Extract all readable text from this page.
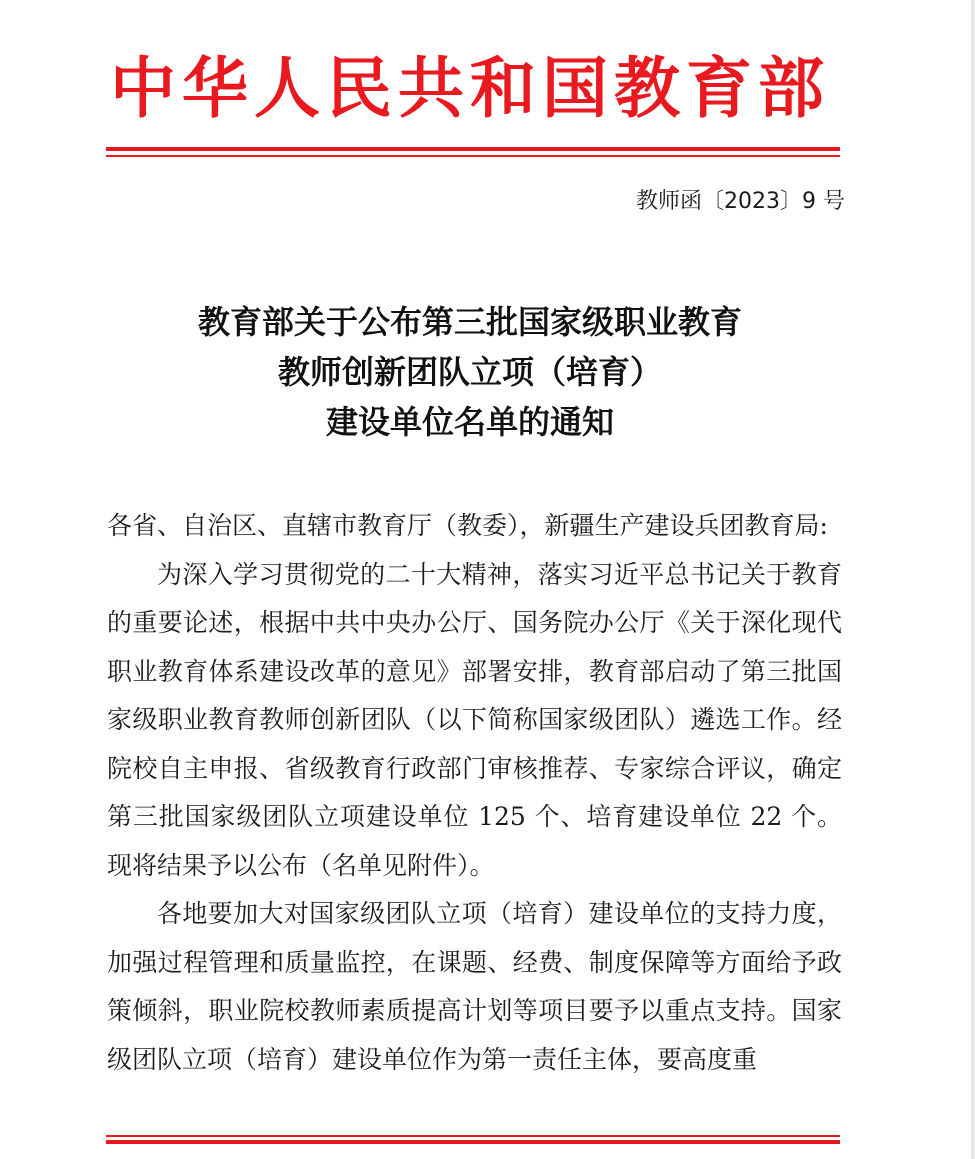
中华人民共和国教育部
教师函〔2023〕9 号
教育部关于公布第三批国家级职业教育
教师创新团队立项（培育）
建设单位名单的通知

各省、自治区、直辖市教育厅（教委），新疆生产建设兵团教育局:

为深入学习贯彻党的二十大精神，落实习近平总书记关于教育的重要论述，根据中共中央办公厅、国务院办公厅《关于深化现代职业教育体系建设改革的意见》部署安排，教育部启动了第三批国家级职业教育教师创新团队（以下简称国家级团队）遴选工作。经院校自主申报、省级教育行政部门审核推荐、专家综合评议，确定第三批国家级团队立项建设单位 125 个、培育建设单位 22 个。现将结果予以公布（名单见附件）。

各地要加大对国家级团队立项（培育）建设单位的支持力度，加强过程管理和质量监控，在课题、经费、制度保障等方面给予政策倾斜，职业院校教师素质提高计划等项目要予以重点支持。国家级团队立项（培育）建设单位作为第一责任主体，要高度重
